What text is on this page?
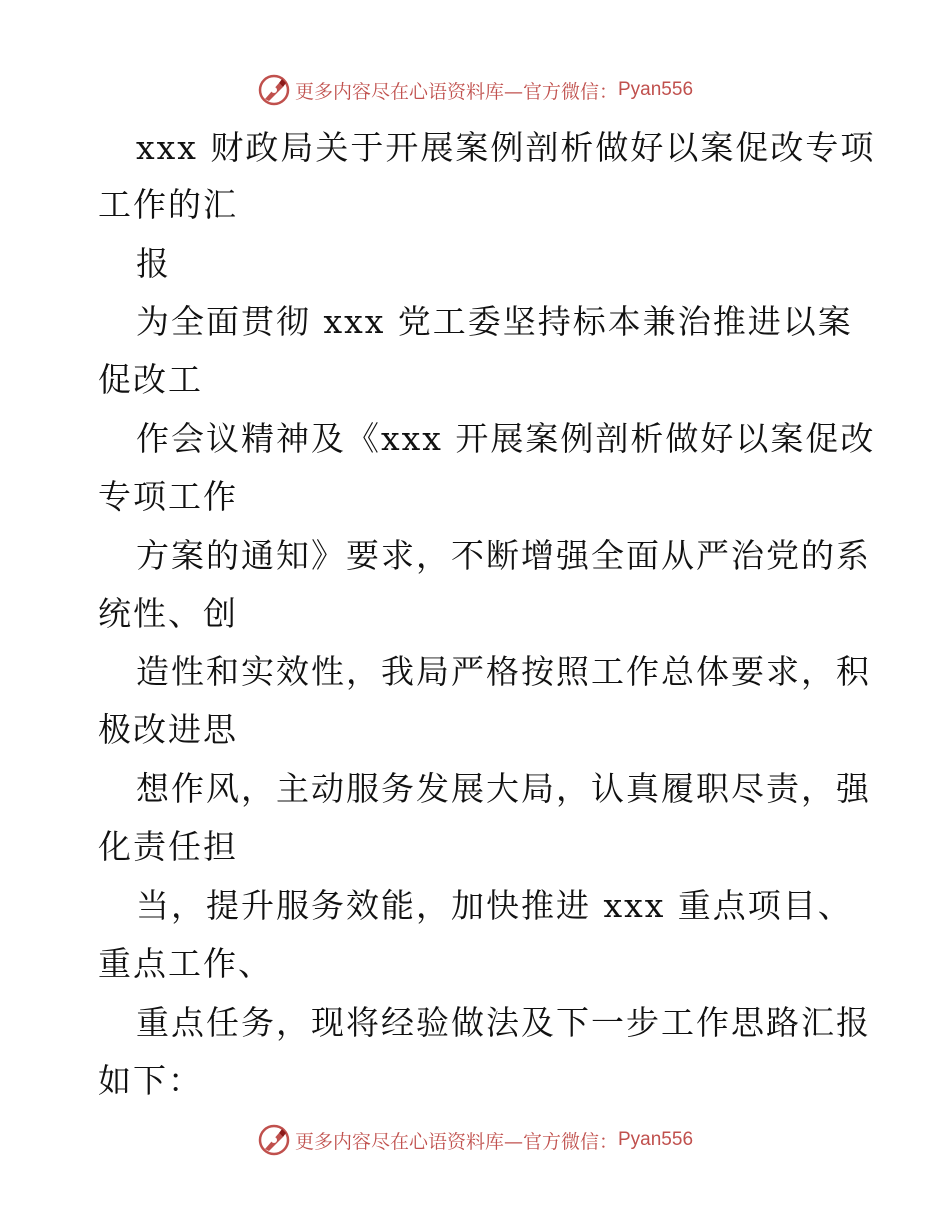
更多内容尽在心语资料库—官方微信： Pyan556
xxx 财政局关于开展案例剖析做好以案促改专项
工作的汇
报
为全面贯彻 xxx 党工委坚持标本兼治推进以案
促改工
作会议精神及《xxx 开展案例剖析做好以案促改
专项工作
方案的通知》要求，不断增强全面从严治党的系
统性、创
造性和实效性，我局严格按照工作总体要求，积
极改进思
想作风，主动服务发展大局，认真履职尽责，强
化责任担
当，提升服务效能，加快推进 xxx 重点项目、
重点工作、
重点任务，现将经验做法及下一步工作思路汇报
如下：
更多内容尽在心语资料库—官方微信： Pyan556
